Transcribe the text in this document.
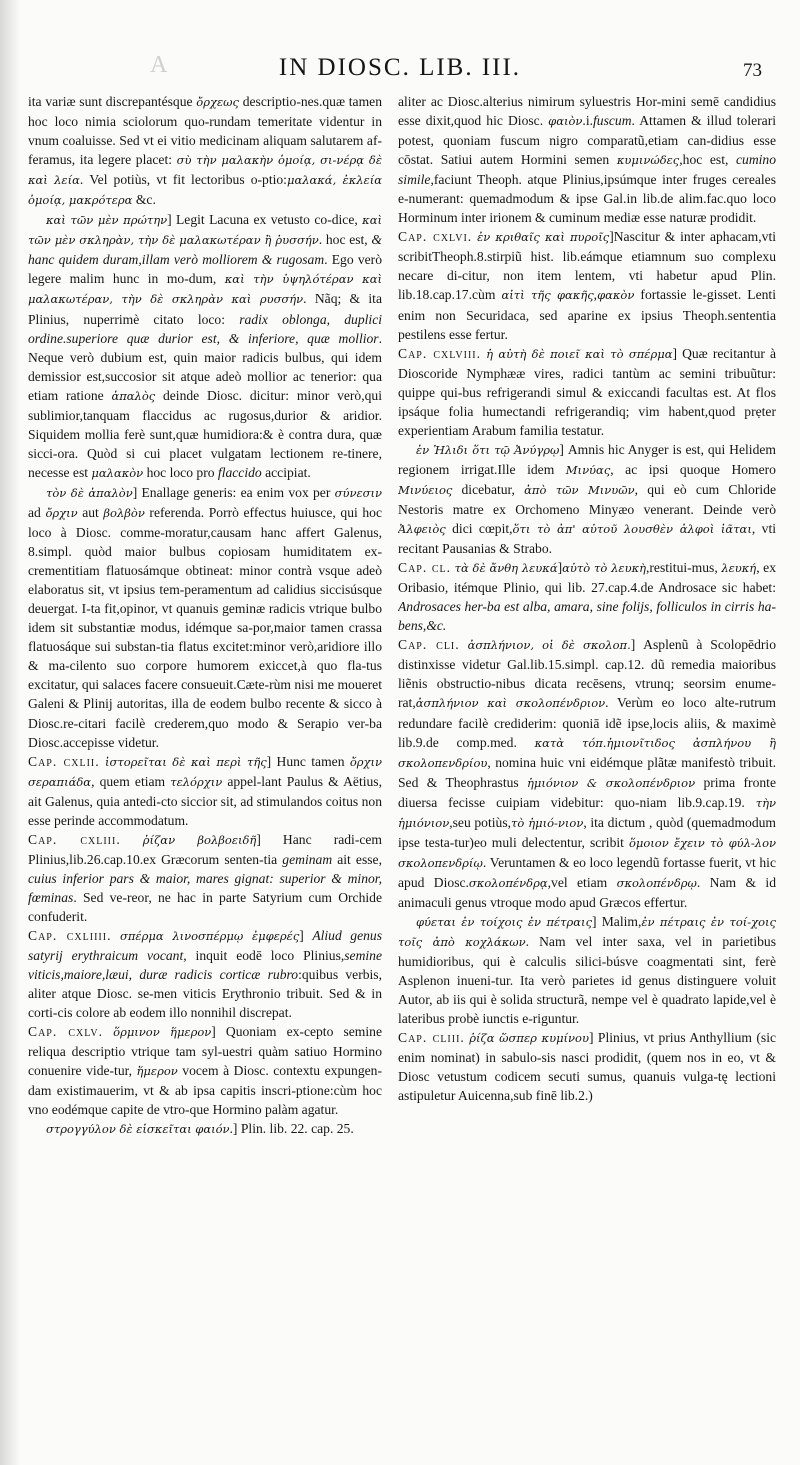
A	IN DIOSC. LIB. III.	73

ita variæ sunt discrepantésque ὄρχεως descriptio-nes.quæ tamen hoc loco nimia sciolorum quo-rundam temeritate videntur in vnum coaluisse. Sed vt ei vitio medicinam aliquam salutarem af-feramus, ita legere placet: σὺ τὴν μαλακὴν ὁμοίᾳ, σι-νέρᾳ δὲ καὶ λεία. Vel potiùs, vt fit lectoribus o-ptio:μαλακά, ἐκλεία ὁμοίᾳ, μακρότερα &c.

καὶ τῶν μὲν πρώτην] Legit Lacuna ex vetusto co-dice, καὶ τῶν μὲν σκληρὰν, τὴν δὲ μαλακωτέραν ἢ ῥυσσήν. hoc est, & hanc quidem duram,illam verò molliorem & rugosam. Ego verò legere malim hunc in mo-dum, καὶ τὴν ὑψηλότέραν καὶ μαλακωτέραν, τὴν δὲ σκληρὰν καὶ ρυσσήν. Nãq; & ita Plinius, nuperrimè citato loco: radix oblonga, duplici ordine.superiore quæ durior est, & inferiore, quæ mollior. Neque verò dubium est, quin maior radicis bulbus, qui idem demissior est,succosior sit atque adeò mollior ac tenerior: qua etiam ratione ἁπαλὸς deinde Diosc. dicitur: minor verò,qui sublimior,tanquam flaccidus ac rugosus,durior & aridior. Siquidem mollia ferè sunt,quæ humidiora:& è contra dura, quæ sicci-ora. Quòd si cui placet vulgatam lectionem re-tinere, necesse est μαλακὸν hoc loco pro flaccido accipiat.

τὸν δὲ ἁπαλὸν] Enallage generis: ea enim vox per σύνεσιν ad ὄρχιν aut βολβὸν referenda. Porrò effectus huiusce, qui hoc loco à Diosc. comme-moratur,causam hanc affert Galenus, 8.simpl. quòd maior bulbus copiosam humiditatem ex-crementitiam flatuosámque obtineat: minor contrà vsque adeò elaboratus sit, vt ipsius tem-peramentum ad calidius siccisúsque deuergat. I-ta fit,opinor, vt quanuis geminæ radicis vtrique bulbo idem sit substantiæ modus, idémque sa-por,maior tamen crassa flatuosáque sui substan-tia flatus excitet:minor verò,aridiore illo & ma-cilento suo corpore humorem exiccet,à quo fla-tus excitatur, qui salaces facere consueuit.Cæte-rùm nisi me moueret Galeni & Plinij autoritas, illa de eodem bulbo recente & sicco à Diosc.re-citari facilè crederem,quo modo & Serapio ver-ba Diosc.accepisse videtur.

Cap. cxlii. ἱστορεῖται δὲ καὶ περὶ τῆς] Hunc tamen ὄρχιν σεραπιάδα, quem etiam τελόρχιν appel-lant Paulus & Aëtius, ait Galenus, quia antedi-cto siccior sit, ad stimulandos coitus non esse perinde accommodatum.

Cap. cxliii. ῥίζαν βολβοειδῆ] Hanc radi-cem Plinius,lib.26.cap.10.ex Græcorum senten-tia geminam ait esse, cuius inferior pars & maior, mares gignat: superior & minor, fœminas. Sed ve-reor, ne hac in parte Satyrium cum Orchide confuderit.

Cap. cxliiii. σπέρμα λινοσπέρμῳ ἐμφερές] Aliud genus satyrij erythraicum vocant, inquit eodē loco Plinius,semine viticis,maiore,læui, duræ radicis corticæ rubro:quibus verbis, aliter atque Diosc. se-men viticis Erythronio tribuit. Sed & in corti-cis colore ab eodem illo nonnihil discrepat.

Cap. cxlv. ὅρμινον ἥμερον] Quoniam ex-cepto semine reliqua descriptio vtrique tam syl-uestri quàm satiuo Hormino conuenire vide-tur, ἥμερον vocem à Diosc. contextu expungen-dam existimauerim, vt & ab ipsa capitis inscri-ptione:cùm hoc vno eodémque capite de vtro-que Hormino palàm agatur.

στρογγύλον δὲ εἰσκεῖται φαιόν.] Plin. lib. 22. cap. 25.

aliter ac Diosc.alterius nimirum syluestris Hor-mini semē candidius esse dixit,quod hic Diosc. φαιὸν.i.fuscum. Attamen & illud tolerari potest, quoniam fuscum nigro comparatũ,etiam can-didius esse cōstat. Satiui autem Hormini semen κυμινώδες,hoc est, cumino simile,faciunt Theoph. atque Plinius,ipsúmque inter fruges cereales e-numerant: quemadmodum & ipse Gal.in lib.de alim.fac.quo loco Horminum inter irionem & cuminum mediæ esse naturæ prodidit.

Cap. cxlvi. ἐν κριθαῖς καὶ πυροῖς]Nascitur & inter aphacam,vti scribitTheoph.8.stirpiũ hist. lib.eámque etiamnum suo complexu necare di-citur, non item lentem, vti habetur apud Plin. lib.18.cap.17.cùm αἰτὶ τῆς φακῆς,φακὸν fortassie le-gisset. Lenti enim non Securidaca, sed aparine ex ipsius Theoph.sententia pestilens esse fertur.

Cap. cxlviii. ἡ αὐτὴ δὲ ποιεῖ καὶ τὸ σπέρμα] Quæ recitantur à Dioscoride Nymphææ vires, radici tantùm ac semini tribuũtur: quippe qui-bus refrigerandi simul & exiccandi facultas est. At flos ipsáque folia humectandi refrigerandiq; vim habent,quod prẹter experientiam Arabum familia testatur.

ἐν Ἠλιδι ὅτι τῷ Ἀνύγρῳ] Amnis hic Anyger is est, qui Helidem regionem irrigat.Ille idem Μινύας, ac ipsi quoque Homero Μινύειος dicebatur, ἀπὸ τῶν Μινυῶν, qui eò cum Chloride Nestoris matre ex Orchomeno Minyæo venerant. Deinde verò Ἀλφειὸς dici cœpit,ὅτι τὸ ἀπ' αὐτοῦ λουσθὲν ἀλφοὶ ἰᾶται, vti recitant Pausanias & Strabo.

Cap. cl. τὰ δὲ ἄνθη λευκά]αὐτὸ τὸ λευκὴ,restitui-mus, λευκή, ex Oribasio, itémque Plinio, qui lib. 27.cap.4.de Androsace sic habet: Androsaces her-ba est alba, amara, sine folijs, folliculos in cirris ha-bens,&c.

Cap. cli. ἀσπλήνιον, οἱ δὲ σκολοπ.] Asplenũ à Scolopēdrio distinxisse videtur Gal.lib.15.simpl. cap.12. dũ remedia maioribus liẽnis obstructio-nibus dicata recēsens, vtrunq; seorsim enume-rat,ἀσπλήνιον καὶ σκολοπένδριον. Verùm eo loco alte-rutrum redundare facilè crediderim: quoniā idẽ ipse,locis aliis, & maximè lib.9.de comp.med. κατὰ τόπ.ἡμιονῖτιδος ἀσπλήνου ἢ σκολοπενδρίου, nomina huic vni eidémque plãtæ manifestò tribuit. Sed & Theophrastus ἡμιόνιον & σκολοπένδριον prima fronte diuersa fecisse cuipiam videbitur: quo-niam lib.9.cap.19. τὴν ἡμιόνιον,seu potiùs,τὸ ἡμιό-νιον, ita dictum , quòd (quemadmodum ipse testa-tur)eo muli delectentur, scribit ὅμοιον ἔχειν τὸ φύλ-λον σκολοπενδρίῳ. Veruntamen & eo loco legendũ fortasse fuerit, vt hic apud Diosc.σκολοπένδρᾳ,vel etiam σκολοπένδρῳ. Nam & id animaculi genus vtroque modo apud Græcos effertur.

φύεται ἐν τοίχοις ἐν πέτραις] Malim,ἐν πέτραις ἐν τοί-χοις τοῖς ἀπὸ κοχλάκων. Nam vel inter saxa, vel in parietibus humidioribus, qui è calculis silici-búsve coagmentati sint, ferè Asplenon inueni-tur. Ita verò parietes id genus distinguere voluit Autor, ab iis qui è solida structurã, nempe vel è quadrato lapide,vel è lateribus probè iunctis e-riguntur.

Cap. cliii. ῥίζα ὥσπερ κυμίνου] Plinius, vt prius Anthyllium (sic enim nominat) in sabulo-sis nasci prodidit, (quem nos in eo, vt & Diosc vetustum codicem secuti sumus, quanuis vulga-tę lectioni astipuletur Auicenna,sub finē lib.2.)
